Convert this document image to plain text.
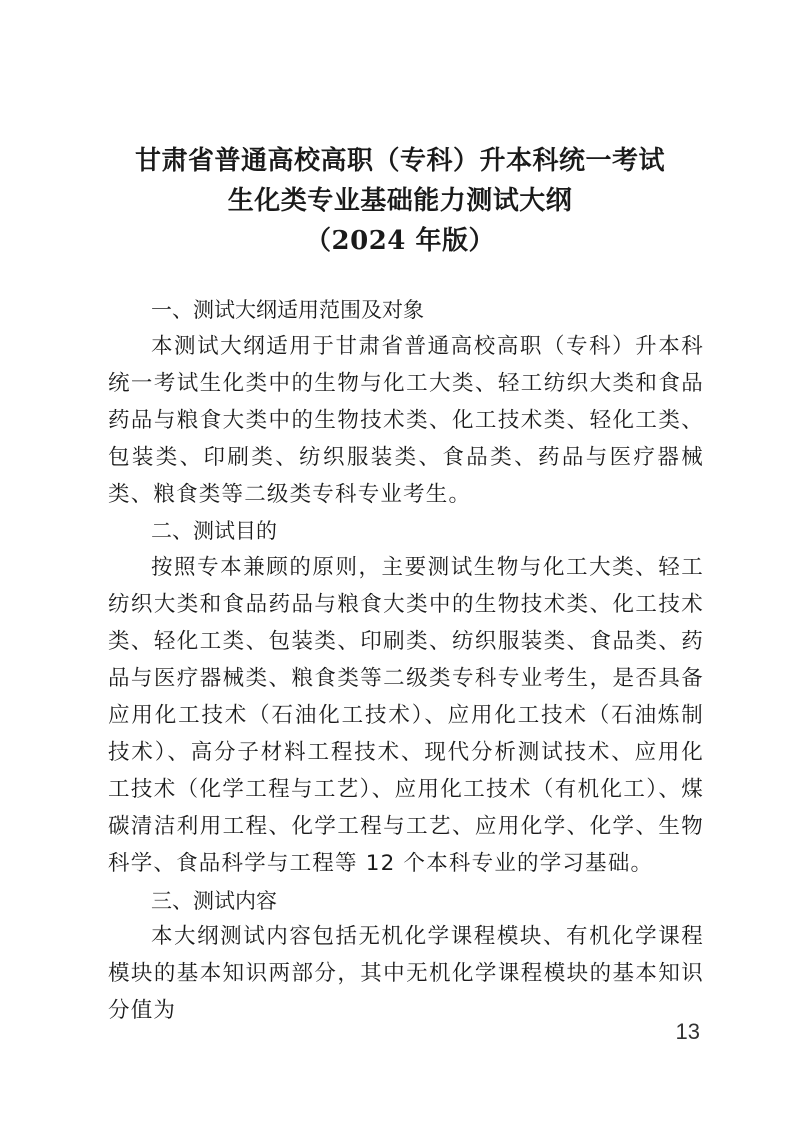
甘肃省普通高校高职（专科）升本科统一考试
生化类专业基础能力测试大纲
（2024 年版）
一、测试大纲适用范围及对象

本测试大纲适用于甘肃省普通高校高职（专科）升本科统一考试生化类中的生物与化工大类、轻工纺织大类和食品药品与粮食大类中的生物技术类、化工技术类、轻化工类、包装类、印刷类、纺织服装类、食品类、药品与医疗器械类、粮食类等二级类专科专业考生。

二、测试目的

按照专本兼顾的原则，主要测试生物与化工大类、轻工纺织大类和食品药品与粮食大类中的生物技术类、化工技术类、轻化工类、包装类、印刷类、纺织服装类、食品类、药品与医疗器械类、粮食类等二级类专科专业考生，是否具备应用化工技术（石油化工技术）、应用化工技术（石油炼制技术）、高分子材料工程技术、现代分析测试技术、应用化工技术（化学工程与工艺）、应用化工技术（有机化工）、煤碳清洁利用工程、化学工程与工艺、应用化学、化学、生物科学、食品科学与工程等 12 个本科专业的学习基础。

三、测试内容

本大纲测试内容包括无机化学课程模块、有机化学课程模块的基本知识两部分，其中无机化学课程模块的基本知识分值为

13
